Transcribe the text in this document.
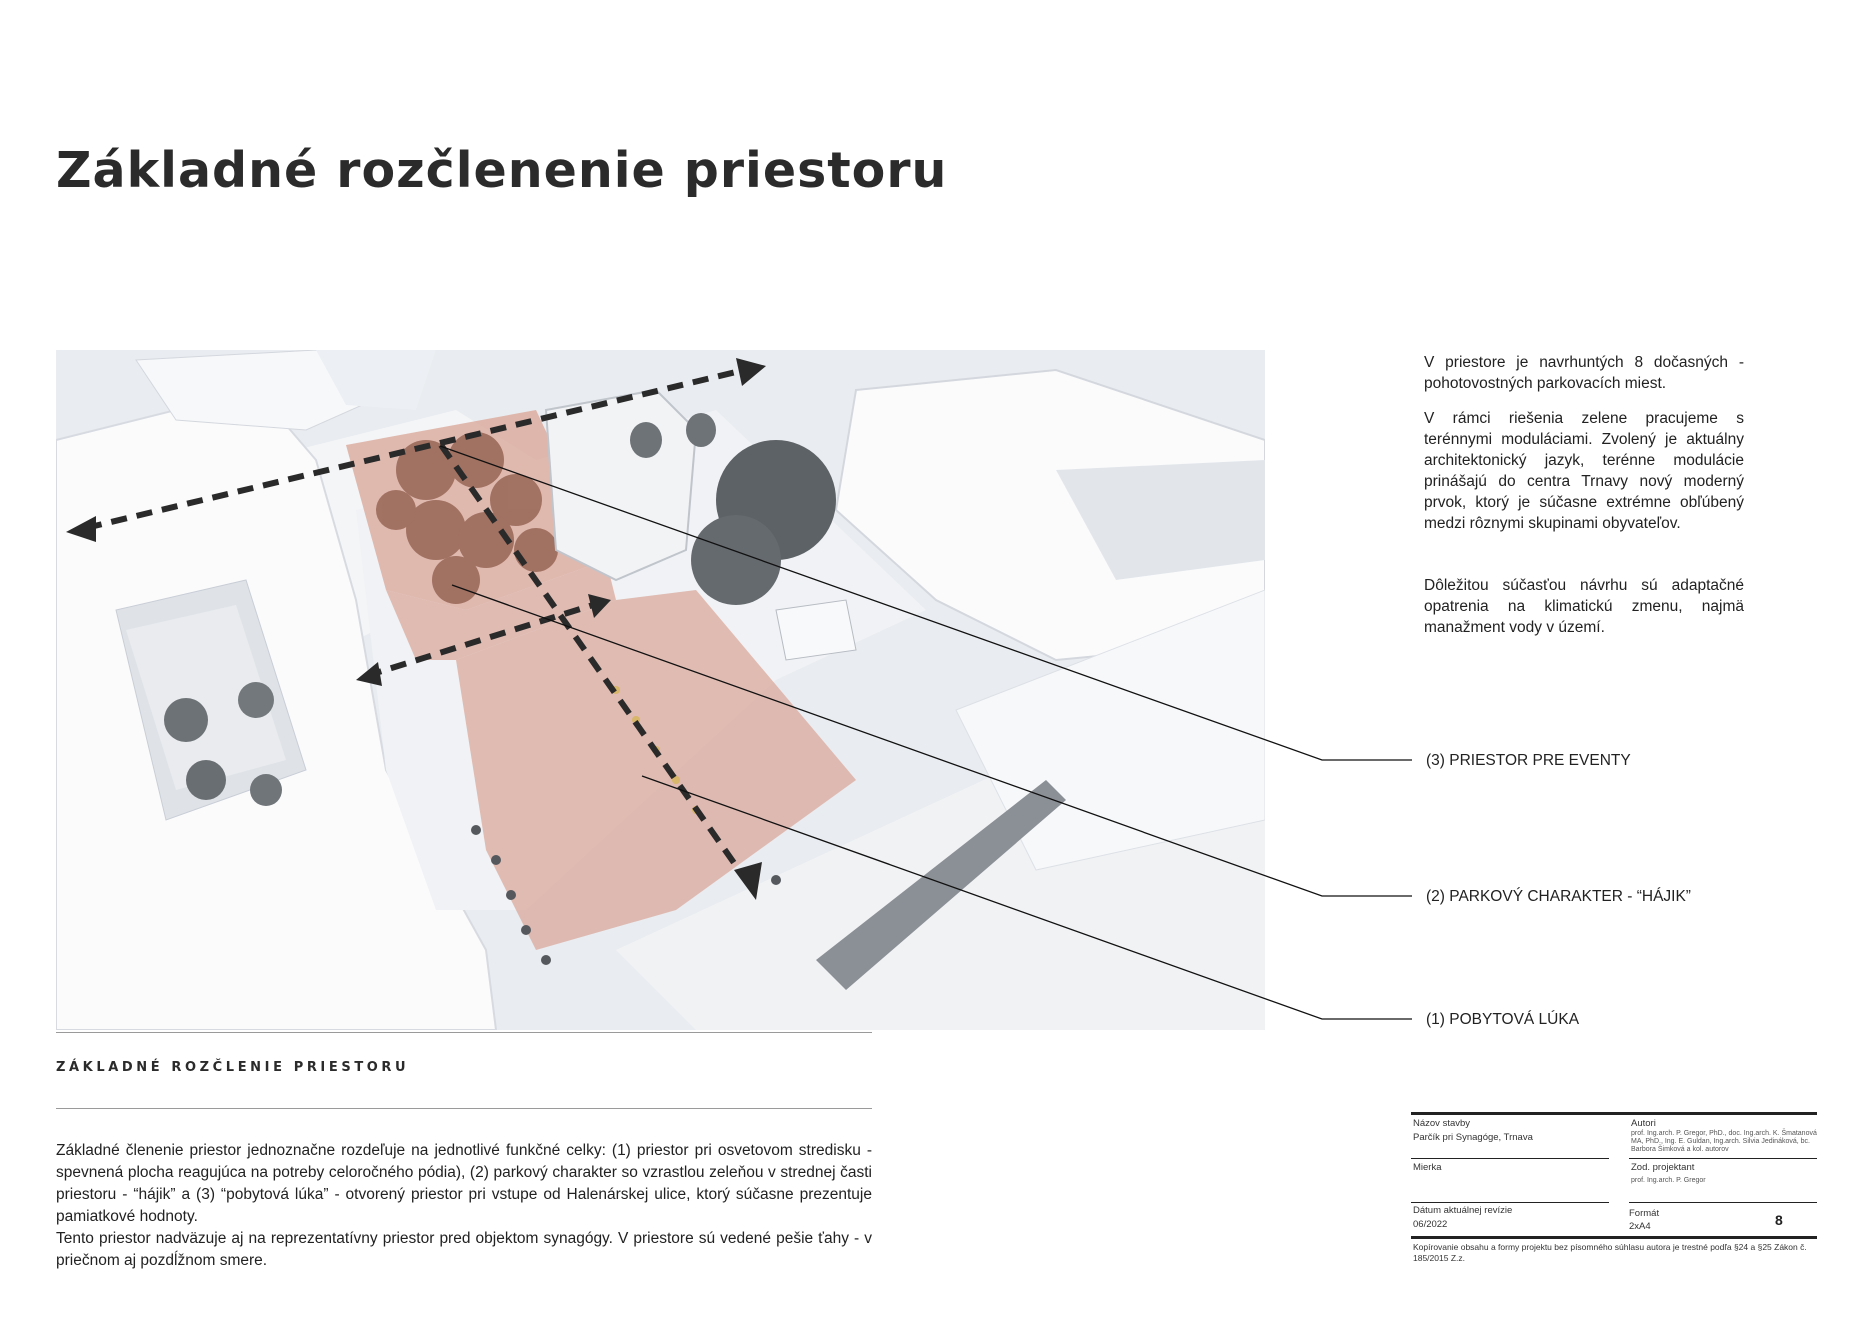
Základné rozčlenenie priestoru

V priestore je navrhuntých 8 dočasných - pohotovostných parkovacích miest.

V rámci riešenia zelene pracujeme s terénnymi moduláciami. Zvolený je aktuálny architektonický jazyk, terénne modulácie prinášajú do centra Trnavy nový moderný prvok, ktorý je súčasne extrémne obľúbený medzi rôznymi skupinami obyvateľov.

Dôležitou súčasťou návrhu sú adaptačné opatrenia na klimatickú zmenu, najmä manažment vody v území.

(3) PRIESTOR PRE EVENTY
(2) PARKOVÝ CHARAKTER - “HÁJIK”
(1) POBYTOVÁ LÚKA
ZÁKLADNÉ ROZČLENIE PRIESTORU

Základné členenie priestor jednoznačne rozdeľuje na jednotlivé funkčné celky: (1) priestor pri osvetovom stredisku - spevnená plocha reagujúca na potreby celoročného pódia), (2) parkový charakter so vzrastlou zeleňou v strednej časti priestoru - “hájik” a (3) “pobytová lúka” - otvorený priestor pri vstupe od Halenárskej ulice, ktorý súčasne prezentuje pamiatkové hodnoty.

Tento priestor nadväzuje aj na reprezentatívny priestor pred objektom synagógy. V priestore sú vedené pešie ťahy - v priečnom aj pozdĺžnom smere.

Názov stavby
Parčík pri Synagóge, Trnava
Autori
prof. Ing.arch. P. Gregor, PhD., doc. Ing.arch. K. Šmatanová MA, PhD., Ing. E. Guldan, Ing.arch. Silvia Jedináková, bc. Barbora Šimková a kol. autorov
Mierka	Zod. projektant
prof. Ing.arch. P. Gregor
Dátum aktuálnej revízie
06/2022
Formát
2xA4	8
Kopírovanie obsahu a formy projektu bez písomného súhlasu autora je trestné podľa §24 a §25 Zákon č. 185/2015 Z.z.
